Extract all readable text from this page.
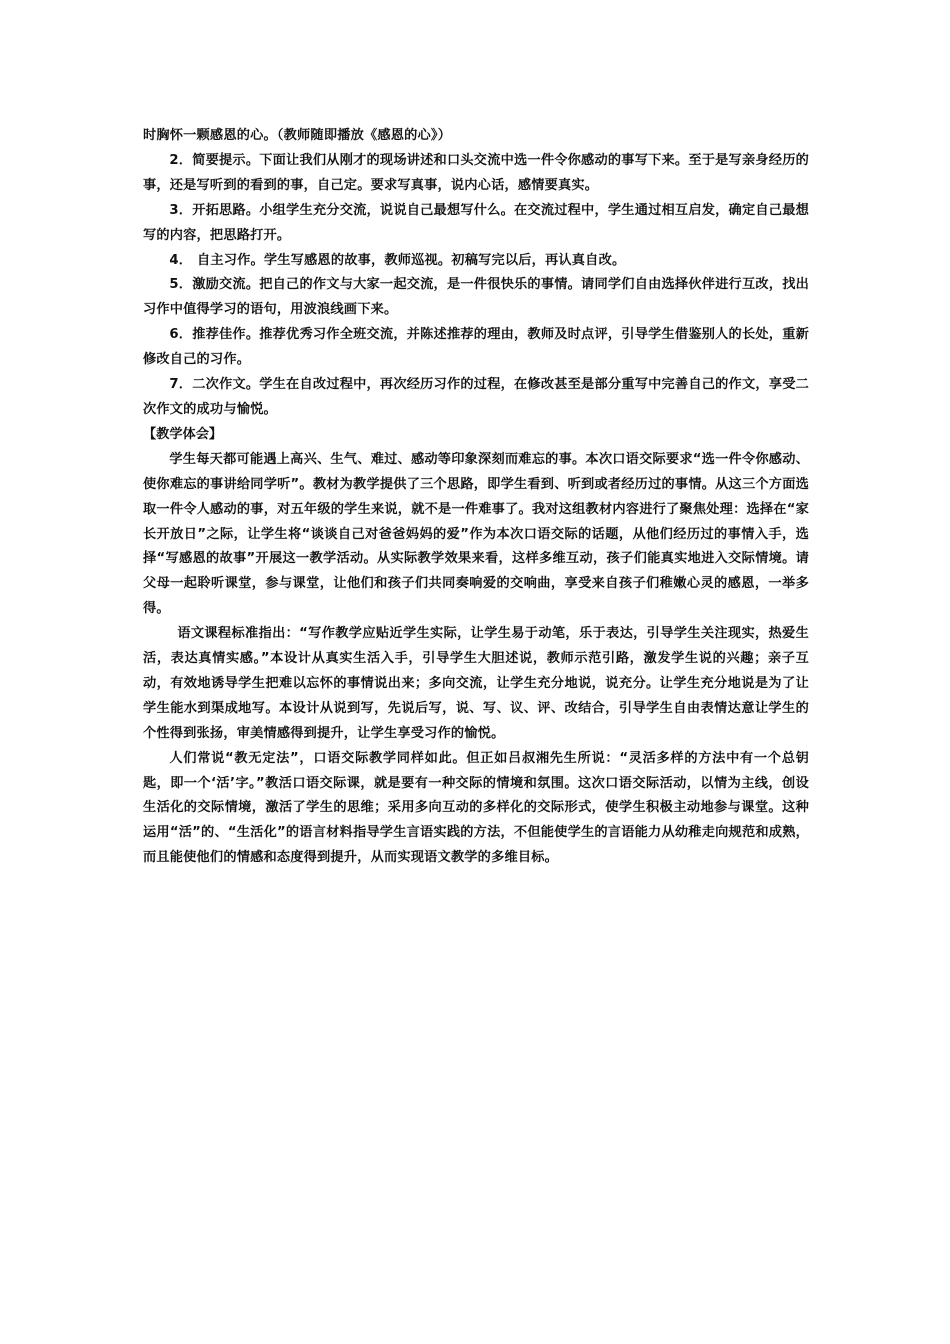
时胸怀一颗感恩的心。（教师随即播放《感恩的心》）

2．简要提示。下面让我们从刚才的现场讲述和口头交流中选一件令你感动的事写下来。至于是写亲身经历的事，还是写听到的看到的事，自己定。要求写真事，说内心话，感情要真实。

3．开拓思路。小组学生充分交流，说说自己最想写什么。在交流过程中，学生通过相互启发，确定自己最想写的内容，把思路打开。

4． 自主习作。学生写感恩的故事，教师巡视。初稿写完以后，再认真自改。

5．激励交流。把自己的作文与大家一起交流，是一件很快乐的事情。请同学们自由选择伙伴进行互改，找出习作中值得学习的语句，用波浪线画下来。

6．推荐佳作。推荐优秀习作全班交流，并陈述推荐的理由，教师及时点评，引导学生借鉴别人的长处，重新修改自己的习作。

7．二次作文。学生在自改过程中，再次经历习作的过程，在修改甚至是部分重写中完善自己的作文，享受二次作文的成功与愉悦。

【教学体会】

学生每天都可能遇上高兴、生气、难过、感动等印象深刻而难忘的事。本次口语交际要求“选一件令你感动、使你难忘的事讲给同学听”。教材为教学提供了三个思路，即学生看到、听到或者经历过的事情。从这三个方面选取一件令人感动的事，对五年级的学生来说，就不是一件难事了。我对这组教材内容进行了聚焦处理：选择在“家长开放日”之际，让学生将“谈谈自己对爸爸妈妈的爱”作为本次口语交际的话题，从他们经历过的事情入手，选择“写感恩的故事”开展这一教学活动。从实际教学效果来看，这样多维互动，孩子们能真实地进入交际情境。请父母一起聆听课堂，参与课堂，让他们和孩子们共同奏响爱的交响曲，享受来自孩子们稚嫩心灵的感恩，一举多得。

语文课程标准指出：“写作教学应贴近学生实际，让学生易于动笔，乐于表达，引导学生关注现实，热爱生活，表达真情实感。”本设计从真实生活入手，引导学生大胆述说，教师示范引路，激发学生说的兴趣；亲子互动，有效地诱导学生把难以忘怀的事情说出来；多向交流，让学生充分地说，说充分。让学生充分地说是为了让学生能水到渠成地写。本设计从说到写，先说后写，说、写、议、评、改结合，引导学生自由表情达意让学生的个性得到张扬，审美情感得到提升，让学生享受习作的愉悦。

人们常说“教无定法”，口语交际教学同样如此。但正如吕叔湘先生所说：“灵活多样的方法中有一个总钥匙，即一个‘活’字。”教活口语交际课，就是要有一种交际的情境和氛围。这次口语交际活动，以情为主线，创设生活化的交际情境，激活了学生的思维；采用多向互动的多样化的交际形式，使学生积极主动地参与课堂。这种运用“活”的、“生活化”的语言材料指导学生言语实践的方法，不但能使学生的言语能力从幼稚走向规范和成熟，而且能使他们的情感和态度得到提升，从而实现语文教学的多维目标。
